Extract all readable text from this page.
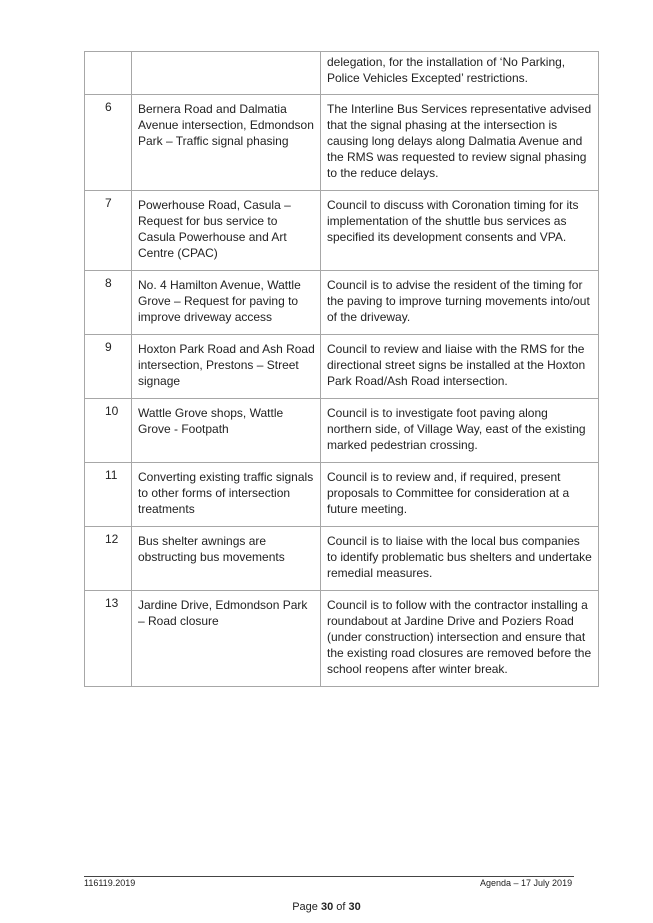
		delegation, for the installation of ‘No Parking, Police Vehicles Excepted’ restrictions.
6	Bernera Road and Dalmatia Avenue intersection, Edmondson Park – Traffic signal phasing	The Interline Bus Services representative advised that the signal phasing at the intersection is causing long delays along Dalmatia Avenue and the RMS was requested to review signal phasing to the reduce delays.
7	Powerhouse Road, Casula – Request for bus service to Casula Powerhouse and Art Centre (CPAC)	Council to discuss with Coronation timing for its implementation of the shuttle bus services as specified its development consents and VPA.
8	No. 4 Hamilton Avenue, Wattle Grove – Request for paving to improve driveway access	Council is to advise the resident of the timing for the paving to improve turning movements into/out of the driveway.
9	Hoxton Park Road and Ash Road intersection, Prestons – Street signage	Council to review and liaise with the RMS for the directional street signs be installed at the Hoxton Park Road/Ash Road intersection.
10	Wattle Grove shops, Wattle Grove - Footpath	Council is to investigate foot paving along northern side, of Village Way, east of the existing marked pedestrian crossing.
11	Converting existing traffic signals to other forms of intersection treatments	Council is to review and, if required, present proposals to Committee for consideration at a future meeting.
12	Bus shelter awnings are obstructing bus movements	Council is to liaise with the local bus companies to identify problematic bus shelters and undertake remedial measures.
13	Jardine Drive, Edmondson Park – Road closure	Council is to follow with the contractor installing a roundabout at Jardine Drive and Poziers Road (under construction) intersection and ensure that the existing road closures are removed before the school reopens after winter break.
116119.2019	Agenda – 17 July 2019
Page 30 of 30
